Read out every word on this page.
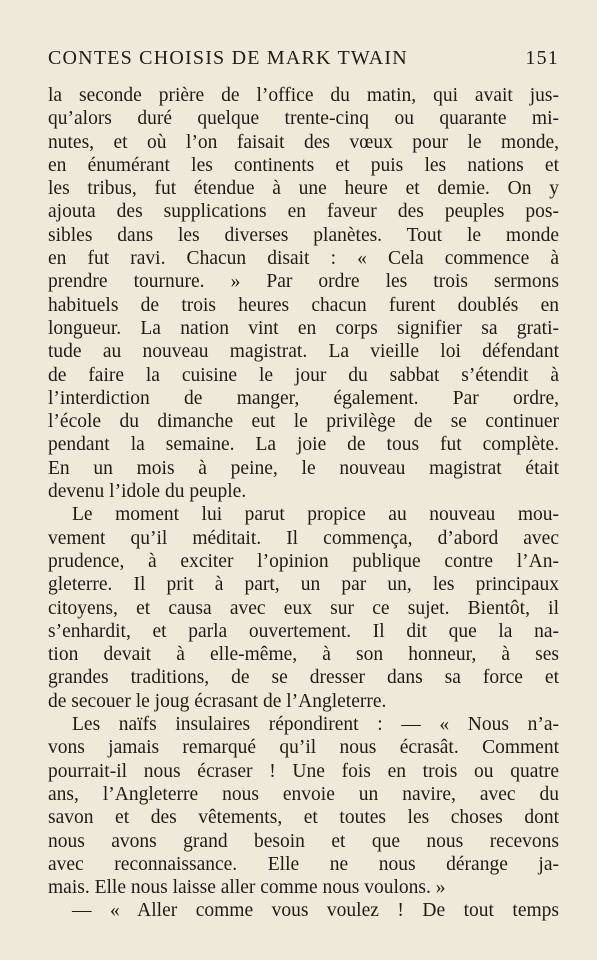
CONTES CHOISIS DE MARK TWAIN	151
la seconde prière de l’office du matin, qui avait jus-
qu’alors duré quelque trente-cinq ou quarante mi-
nutes, et où l’on faisait des vœux pour le monde,
en énumérant les continents et puis les nations et
les tribus, fut étendue à une heure et demie. On y
ajouta des supplications en faveur des peuples pos-
sibles dans les diverses planètes. Tout le monde
en fut ravi. Chacun disait : « Cela commence à
prendre tournure. » Par ordre les trois sermons
habituels de trois heures chacun furent doublés en
longueur. La nation vint en corps signifier sa grati-
tude au nouveau magistrat. La vieille loi défendant
de faire la cuisine le jour du sabbat s’étendit à
l’interdiction de manger, également. Par ordre,
l’école du dimanche eut le privilège de se continuer
pendant la semaine. La joie de tous fut complète.
En un mois à peine, le nouveau magistrat était
devenu l’idole du peuple.
Le moment lui parut propice au nouveau mou-
vement qu’il méditait. Il commença, d’abord avec
prudence, à exciter l’opinion publique contre l’An-
gleterre. Il prit à part, un par un, les principaux
citoyens, et causa avec eux sur ce sujet. Bientôt, il
s’enhardit, et parla ouvertement. Il dit que la na-
tion devait à elle-même, à son honneur, à ses
grandes traditions, de se dresser dans sa force et
de secouer le joug écrasant de l’Angleterre.
Les naïfs insulaires répondirent : — « Nous n’a-
vons jamais remarqué qu’il nous écrasât. Comment
pourrait-il nous écraser ! Une fois en trois ou quatre
ans, l’Angleterre nous envoie un navire, avec du
savon et des vêtements, et toutes les choses dont
nous avons grand besoin et que nous recevons
avec reconnaissance. Elle ne nous dérange ja-
mais. Elle nous laisse aller comme nous voulons. »
— « Aller comme vous voulez ! De tout temps
